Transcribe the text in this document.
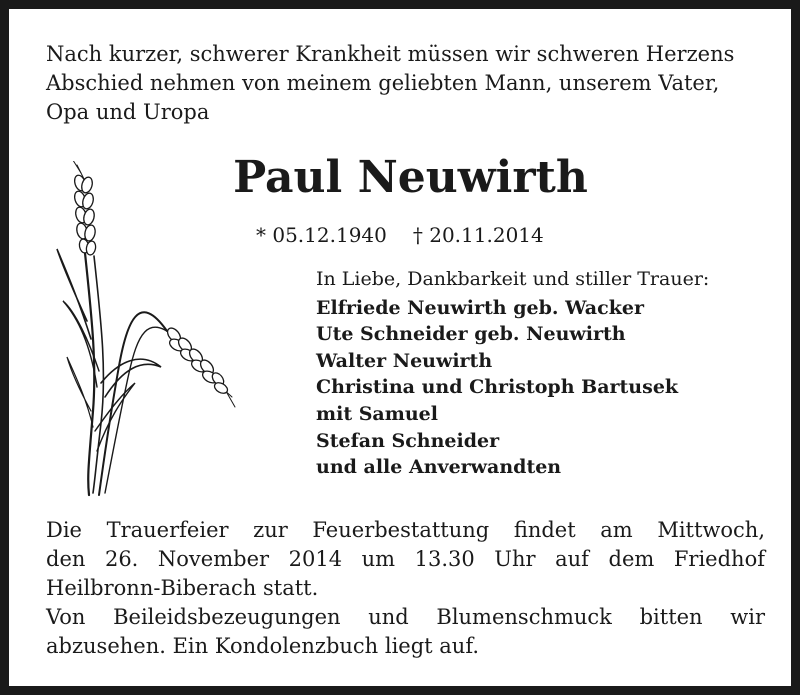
Nach kurzer, schwerer Krankheit müssen wir schweren Herzens
Abschied nehmen von meinem geliebten Mann, unserem Vater,
Opa und Uropa
Paul Neuwirth
* 05.12.1940 † 20.11.2014
In Liebe, Dankbarkeit und stiller Trauer:
Elfriede Neuwirth geb. Wacker
Ute Schneider geb. Neuwirth
Walter Neuwirth
Christina und Christoph Bartusek
mit Samuel
Stefan Schneider
und alle Anverwandten
Die Trauerfeier zur Feuerbestattung findet am Mittwoch,
den 26. November 2014 um 13.30 Uhr auf dem Friedhof
Heilbronn-Biberach statt.
Von Beileidsbezeugungen und Blumenschmuck bitten wir
abzusehen. Ein Kondolenzbuch liegt auf.
